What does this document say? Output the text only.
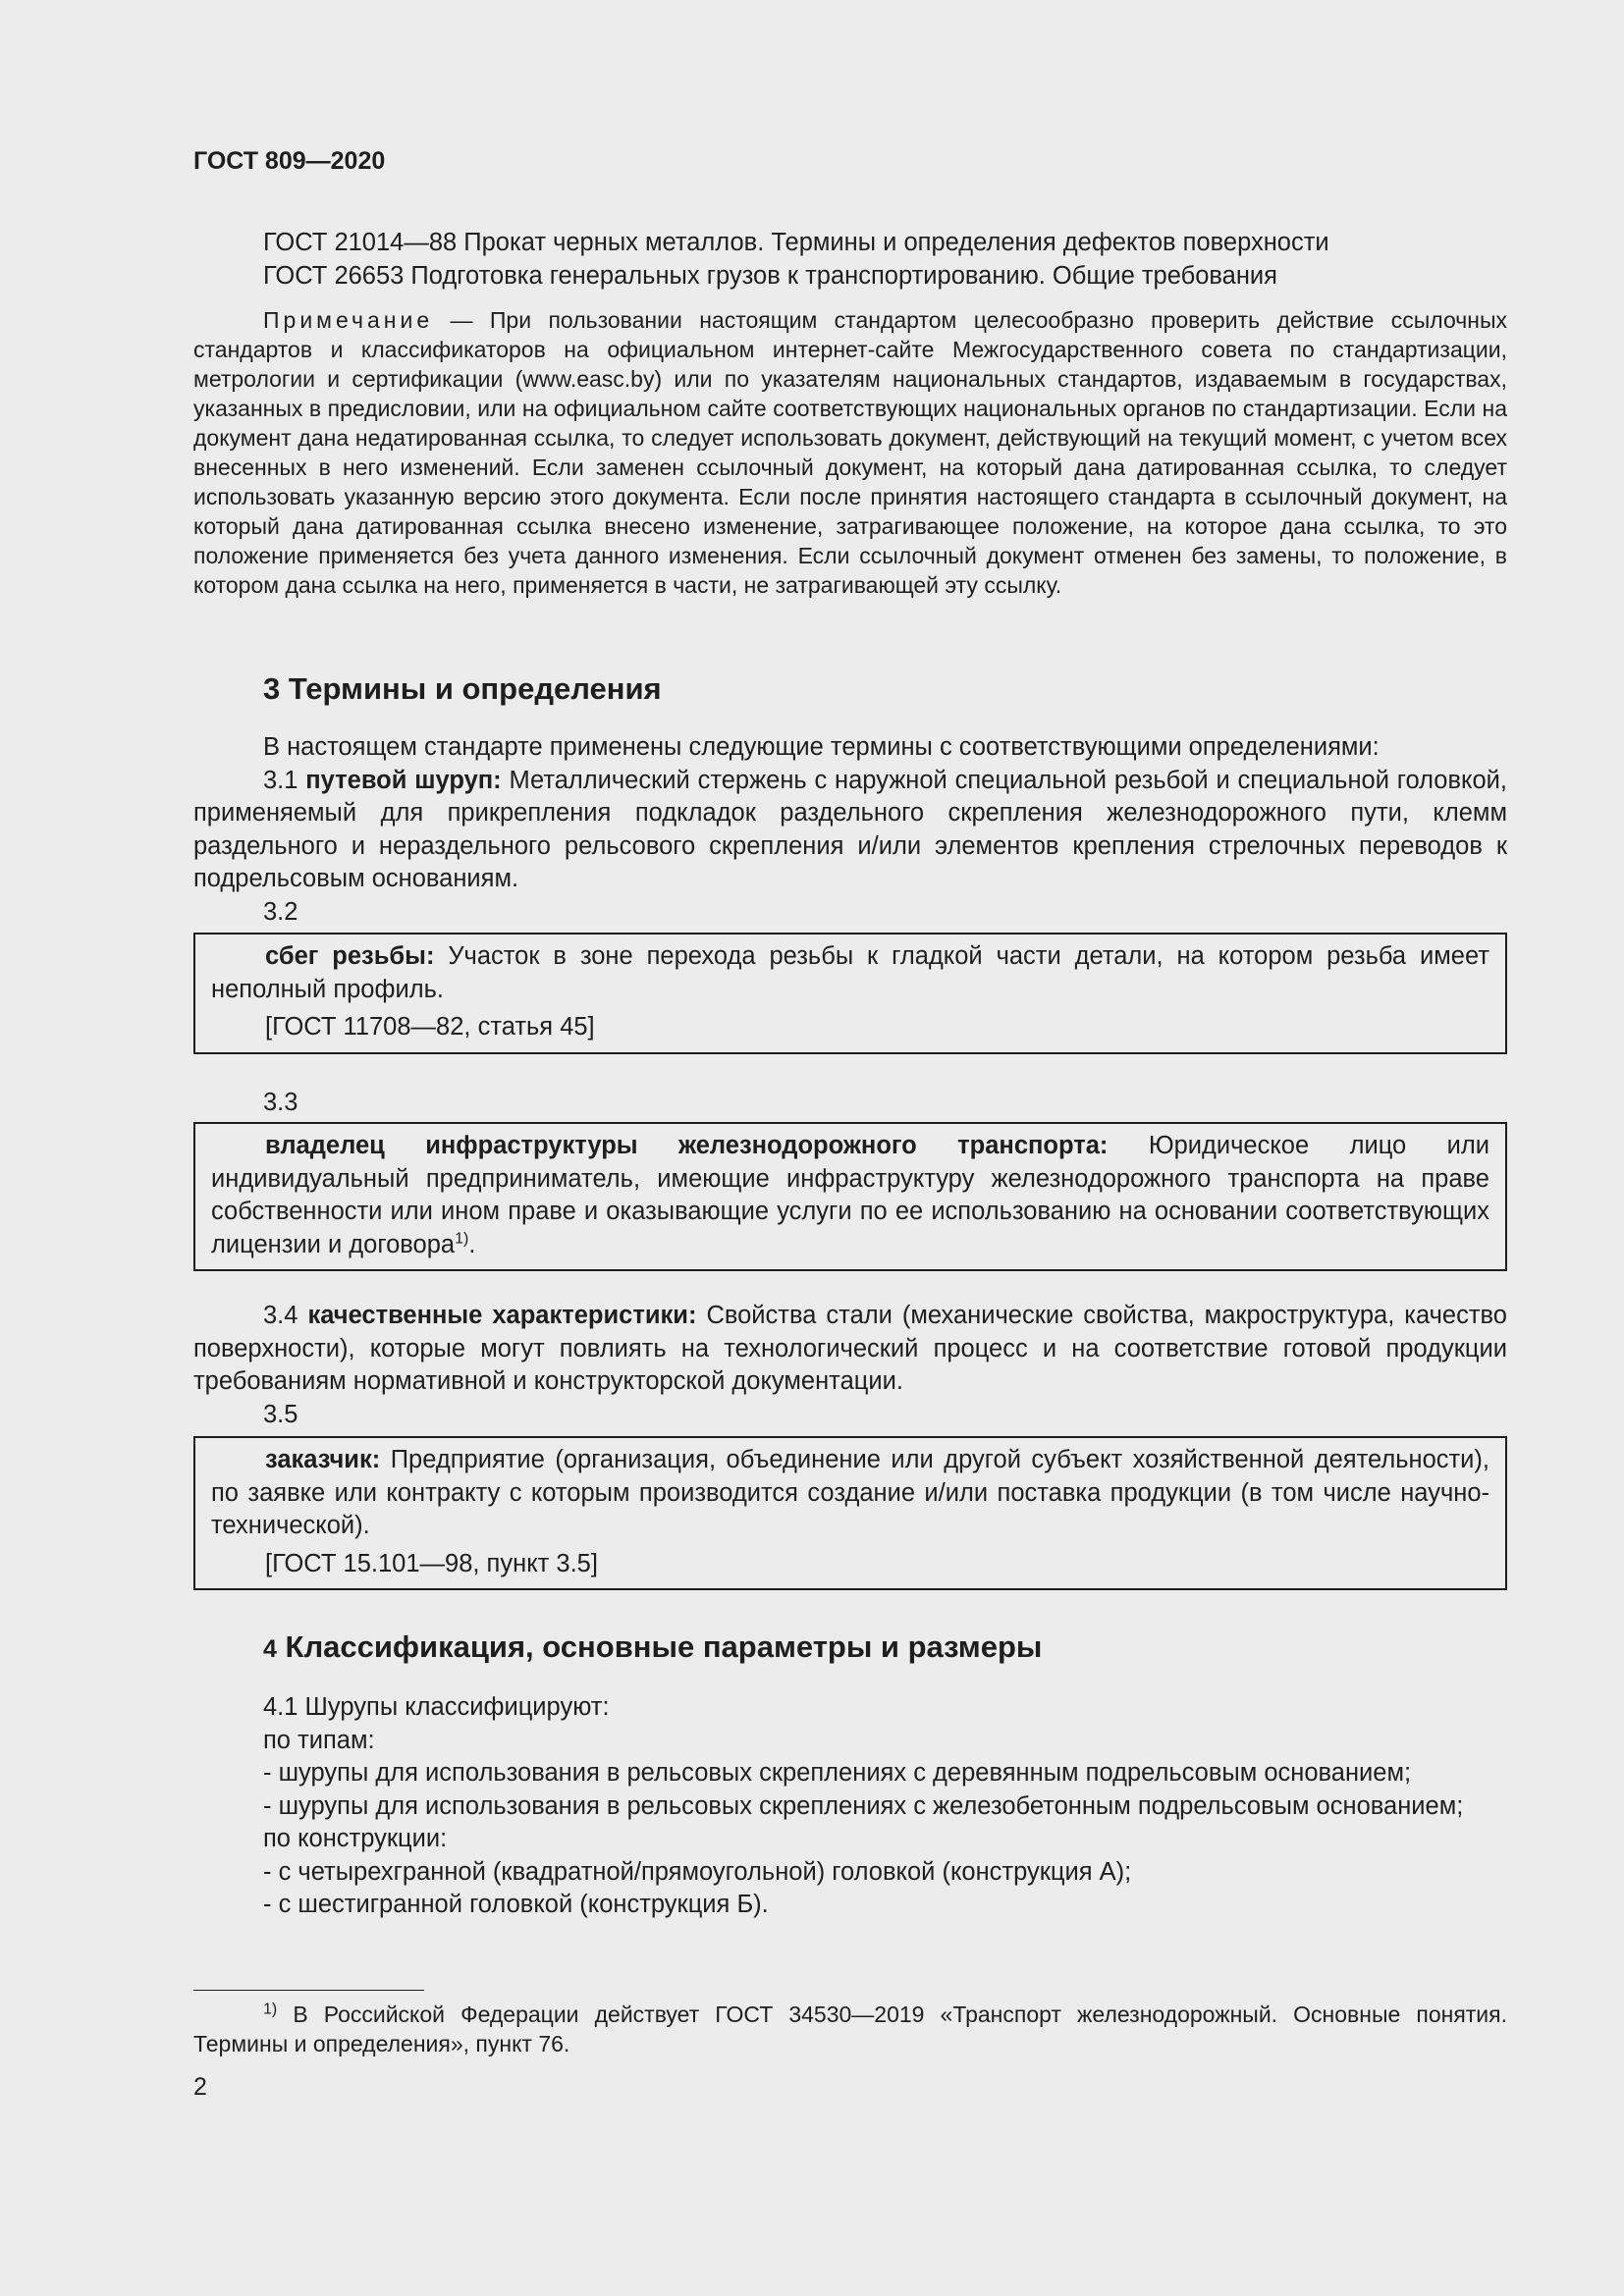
ГОСТ 809—2020

ГОСТ 21014—88 Прокат черных металлов. Термины и определения дефектов поверхности

ГОСТ 26653 Подготовка генеральных грузов к транспортированию. Общие требования

Примечание — При пользовании настоящим стандартом целесообразно проверить действие ссылочных стандартов и классификаторов на официальном интернет-сайте Межгосударственного совета по стандартизации, метрологии и сертификации (www.easc.by) или по указателям национальных стандартов, издаваемым в государствах, указанных в предисловии, или на официальном сайте соответствующих национальных органов по стандартизации. Если на документ дана недатированная ссылка, то следует использовать документ, действующий на текущий момент, с учетом всех внесенных в него изменений. Если заменен ссылочный документ, на который дана датированная ссылка, то следует использовать указанную версию этого документа. Если после принятия настоящего стандарта в ссылочный документ, на который дана датированная ссылка внесено изменение, затрагивающее положение, на которое дана ссылка, то это положение применяется без учета данного изменения. Если ссылочный документ отменен без замены, то положение, в котором дана ссылка на него, применяется в части, не затрагивающей эту ссылку.

3 Термины и определения

В настоящем стандарте применены следующие термины с соответствующими определениями:

3.1 путевой шуруп: Металлический стержень с наружной специальной резьбой и специальной головкой, применяемый для прикрепления подкладок раздельного скрепления железнодорожного пути, клемм раздельного и нераздельного рельсового скрепления и/или элементов крепления стрелочных переводов к подрельсовым основаниям.

3.2

сбег резьбы: Участок в зоне перехода резьбы к гладкой части детали, на котором резьба имеет неполный профиль.

[ГОСТ 11708—82, статья 45]

3.3

владелец инфраструктуры железнодорожного транспорта: Юридическое лицо или индивидуальный предприниматель, имеющие инфраструктуру железнодорожного транспорта на праве собственности или ином праве и оказывающие услуги по ее использованию на основании соответствующих лицензии и договора$^{1)}$.

3.4 качественные характеристики: Свойства стали (механические свойства, макроструктура, качество поверхности), которые могут повлиять на технологический процесс и на соответствие готовой продукции требованиям нормативной и конструкторской документации.

3.5

заказчик: Предприятие (организация, объединение или другой субъект хозяйственной деятельности), по заявке или контракту с которым производится создание и/или поставка продукции (в том числе научно-технической).

[ГОСТ 15.101—98, пункт 3.5]

4 Классификация, основные параметры и размеры

4.1 Шурупы классифицируют:

по типам:

- шурупы для использования в рельсовых скреплениях с деревянным подрельсовым основанием;

- шурупы для использования в рельсовых скреплениях с железобетонным подрельсовым основанием;

по конструкции:

- с четырехгранной (квадратной/прямоугольной) головкой (конструкция А);

- с шестигранной головкой (конструкция Б).

$^{1)}$ В Российской Федерации действует ГОСТ 34530—2019 «Транспорт железнодорожный. Основные понятия. Термины и определения», пункт 76.

2
